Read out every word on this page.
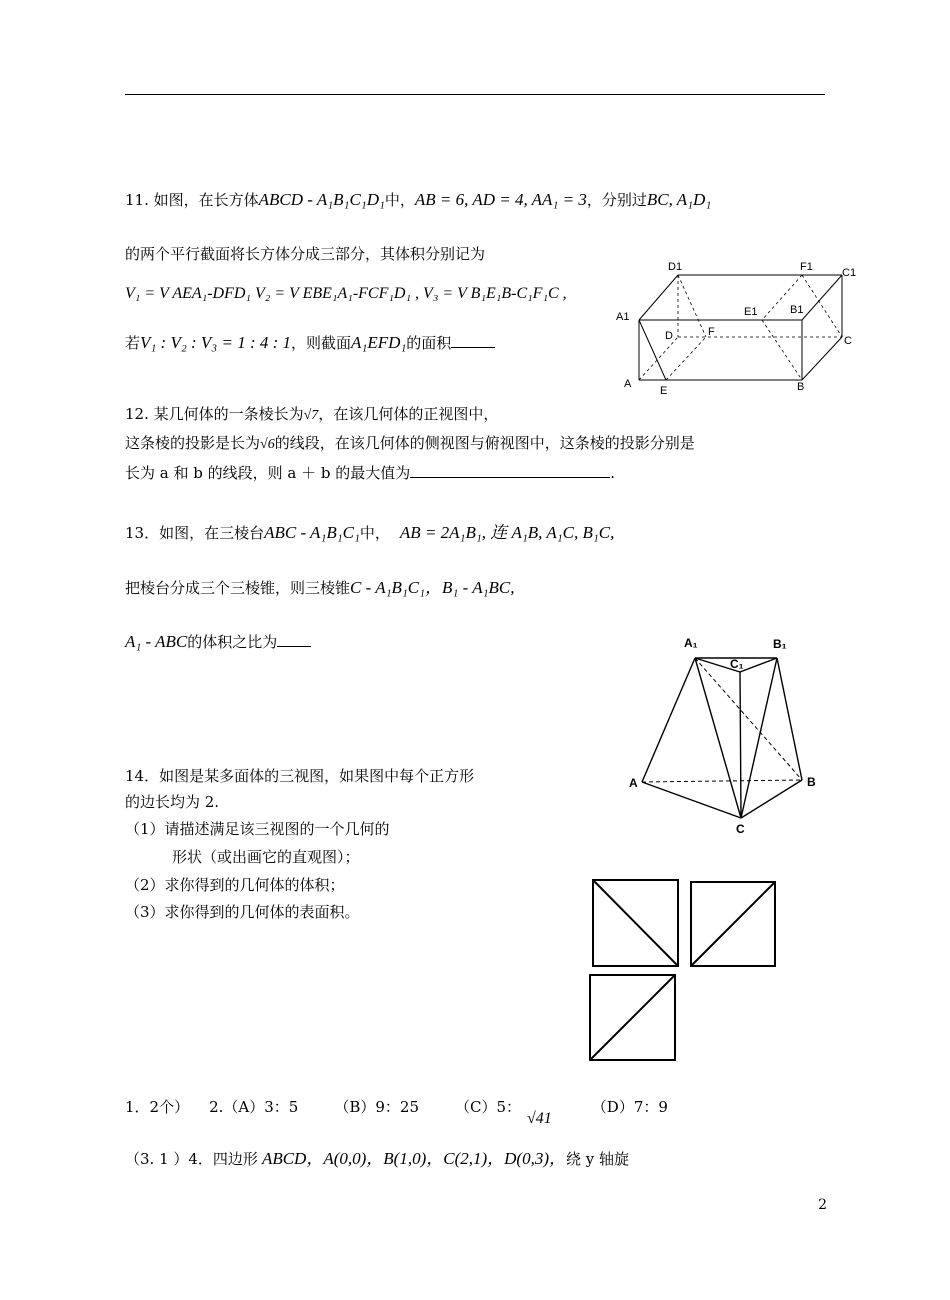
11. 如图，在长方体ABCD - A₁B₁C₁D₁中，AB = 6, AD = 4, AA₁ = 3，分别过BC, A₁D₁
的两个平行截面将长方体分成三部分，其体积分别记为
V₁ = V AEA₁-DFD₁ V₂ = V EBE₁A₁-FCF₁D₁ , V₃ = V B₁E₁B-C₁F₁C ,
若V₁ : V₂ : V₃ = 1 : 4 : 1，则截面A₁EFD₁的面积
D1	F1	C1
A1
D	F
E1	B1
C
A
E	B
12. 某几何体的一条棱长为√7，在该几何体的正视图中，
这条棱的投影是长为√6的线段，在该几何体的侧视图与俯视图中，这条棱的投影分别是
长为 a 和 b 的线段，则 a ＋ b 的最大值为	.
13．如图，在三棱台ABC - A₁B₁C₁中， AB = 2A₁B₁, 连 A₁B, A₁C, B₁C,
把棱台分成三个三棱锥，则三棱锥C - A₁B₁C₁，B₁ - A₁BC,
A₁ - ABC的体积之比为	A₁	B₁
C₁
A	B
C
14．如图是某多面体的三视图，如果图中每个正方形
的边长均为 2.
（1）请描述满足该三视图的一个几何的
形状（或出画它的直观图）；
（2）求你得到的几何体的体积；
（3）求你得到的几何体的表面积。
1．2个） 2.（A）3：5 （B）9：25 （C）5：√41（D）7：9
（3. 1 ）4．四边形 ABCD，A(0,0)，B(1,0)，C(2,1)，D(0,3)，绕 y 轴旋
2
